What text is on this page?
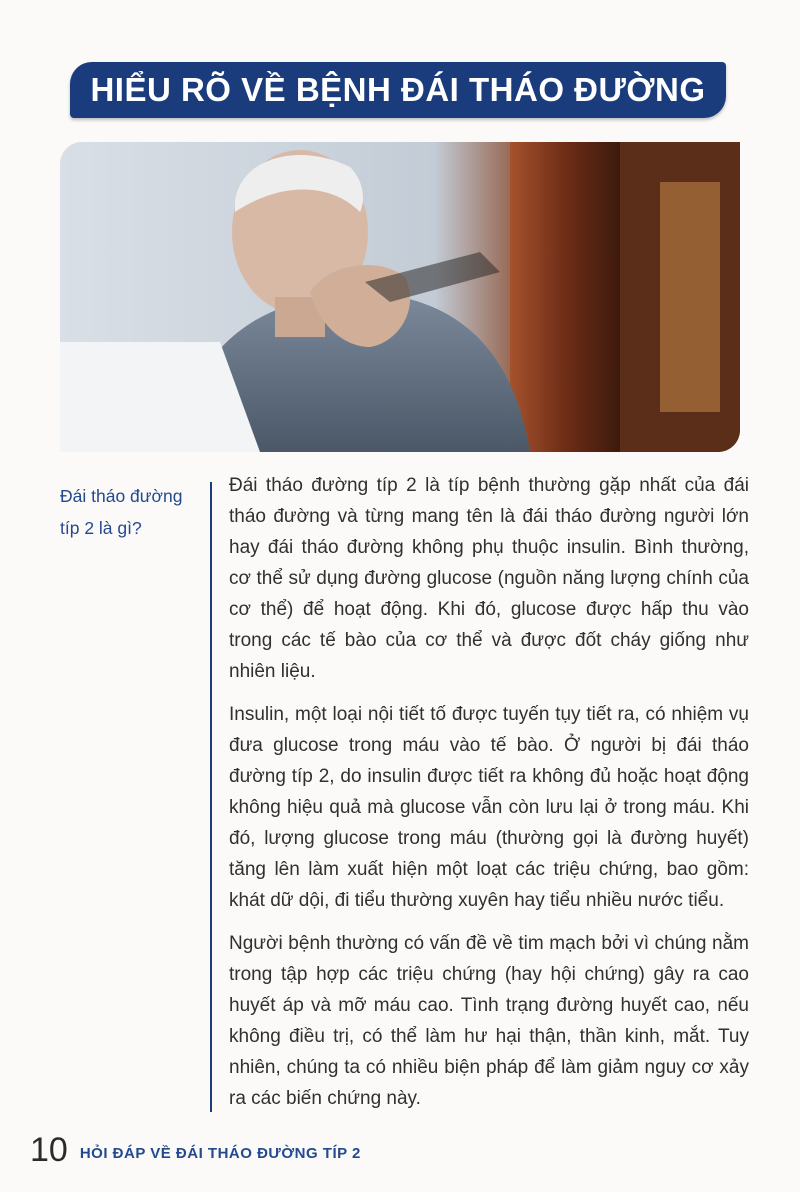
HIỂU RÕ VỀ BỆNH ĐÁI THÁO ĐƯỜNG
Đái tháo đường típ 2 là gì?

Đái tháo đường típ 2 là típ bệnh thường gặp nhất của đái tháo đường và từng mang tên là đái tháo đường người lớn hay đái tháo đường không phụ thuộc insulin. Bình thường, cơ thể sử dụng đường glucose (nguồn năng lượng chính của cơ thể) để hoạt động. Khi đó, glucose được hấp thu vào trong các tế bào của cơ thể và được đốt cháy giống như nhiên liệu.

Insulin, một loại nội tiết tố được tuyến tụy tiết ra, có nhiệm vụ đưa glucose trong máu vào tế bào. Ở người bị đái tháo đường típ 2, do insulin được tiết ra không đủ hoặc hoạt động không hiệu quả mà glucose vẫn còn lưu lại ở trong máu. Khi đó, lượng glucose trong máu (thường gọi là đường huyết) tăng lên làm xuất hiện một loạt các triệu chứng, bao gồm: khát dữ dội, đi tiểu thường xuyên hay tiểu nhiều nước tiểu.

Người bệnh thường có vấn đề về tim mạch bởi vì chúng nằm trong tập hợp các triệu chứng (hay hội chứng) gây ra cao huyết áp và mỡ máu cao. Tình trạng đường huyết cao, nếu không điều trị, có thể làm hư hại thận, thần kinh, mắt. Tuy nhiên, chúng ta có nhiều biện pháp để làm giảm nguy cơ xảy ra các biến chứng này.

10 HỎI ĐÁP VỀ ĐÁI THÁO ĐƯỜNG TÍP 2
